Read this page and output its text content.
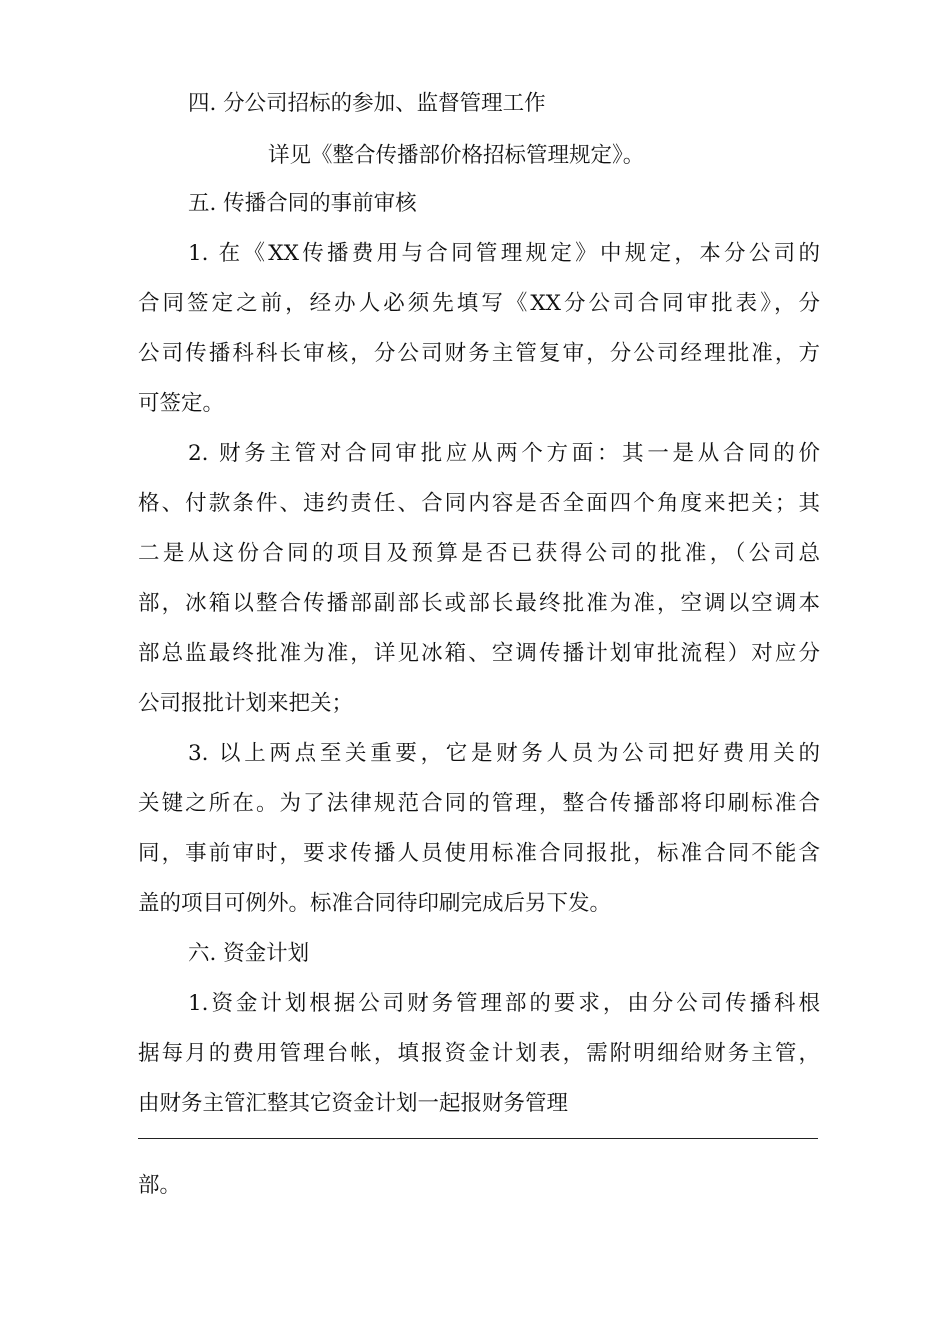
四. 分公司招标的参加、监督管理工作
详见《整合传播部价格招标管理规定》。
五. 传播合同的事前审核
1. 在《XX传播费用与合同管理规定》中规定，本分公司的
合同签定之前，经办人必须先填写《XX分公司合同审批表》，分
公司传播科科长审核，分公司财务主管复审，分公司经理批准，方
可签定。
2. 财务主管对合同审批应从两个方面：其一是从合同的价
格、付款条件、违约责任、合同内容是否全面四个角度来把关；其
二是从这份合同的项目及预算是否已获得公司的批准，（公司总
部，冰箱以整合传播部副部长或部长最终批准为准，空调以空调本
部总监最终批准为准，详见冰箱、空调传播计划审批流程）对应分
公司报批计划来把关；
3. 以上两点至关重要，它是财务人员为公司把好费用关的
关键之所在。为了法律规范合同的管理，整合传播部将印刷标准合
同，事前审时，要求传播人员使用标准合同报批，标准合同不能含
盖的项目可例外。标准合同待印刷完成后另下发。
六. 资金计划
1.资金计划根据公司财务管理部的要求，由分公司传播科根
据每月的费用管理台帐，填报资金计划表，需附明细给财务主管，
由财务主管汇整其它资金计划一起报财务管理
部。
